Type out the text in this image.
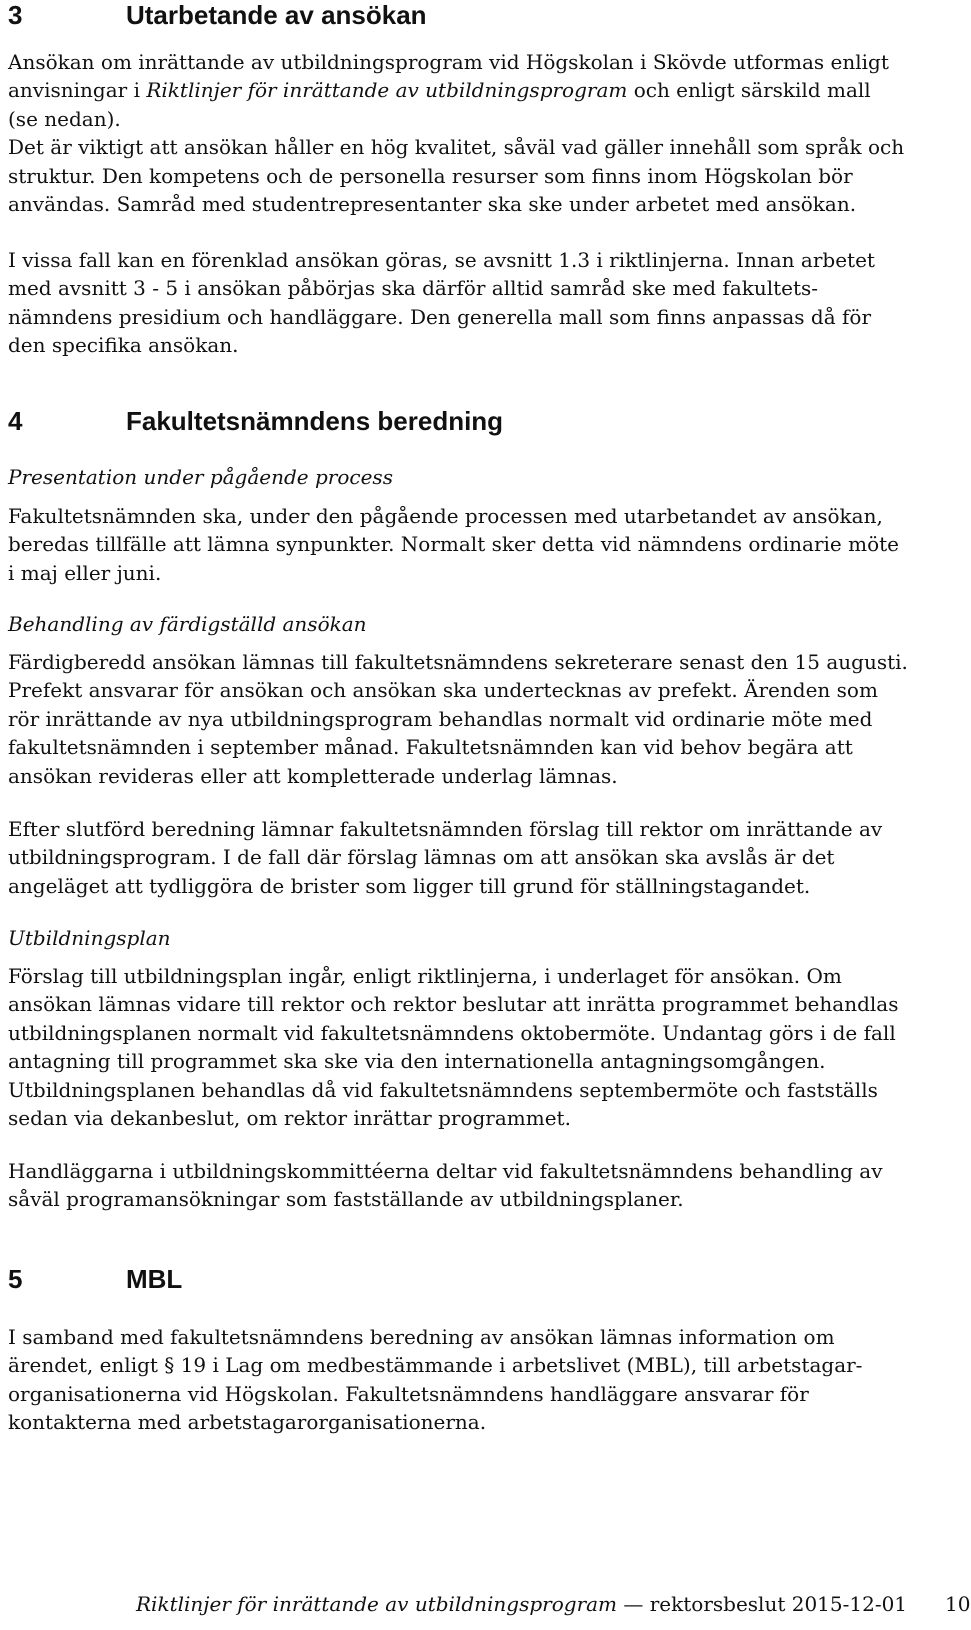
3	Utarbetande av ansökan
Ansökan om inrättande av utbildningsprogram vid Högskolan i Skövde utformas enligt anvisningar i Riktlinjer för inrättande av utbildningsprogram och enligt särskild mall
(se nedan).
Det är viktigt att ansökan håller en hög kvalitet, såväl vad gäller innehåll som språk och
struktur. Den kompetens och de personella resurser som finns inom Högskolan bör
användas. Samråd med studentrepresentanter ska ske under arbetet med ansökan.
I vissa fall kan en förenklad ansökan göras, se avsnitt 1.3 i riktlinjerna. Innan arbetet
med avsnitt 3 - 5 i ansökan påbörjas ska därför alltid samråd ske med fakultets-
nämndens presidium och handläggare. Den generella mall som finns anpassas då för
den specifika ansökan.
4	Fakultetsnämndens beredning
Presentation under pågående process
Fakultetsnämnden ska, under den pågående processen med utarbetandet av ansökan,
beredas tillfälle att lämna synpunkter. Normalt sker detta vid nämndens ordinarie möte
i maj eller juni.
Behandling av färdigställd ansökan
Färdigberedd ansökan lämnas till fakultetsnämndens sekreterare senast den 15 augusti.
Prefekt ansvarar för ansökan och ansökan ska undertecknas av prefekt. Ärenden som
rör inrättande av nya utbildningsprogram behandlas normalt vid ordinarie möte med
fakultetsnämnden i september månad. Fakultetsnämnden kan vid behov begära att
ansökan revideras eller att kompletterade underlag lämnas.
Efter slutförd beredning lämnar fakultetsnämnden förslag till rektor om inrättande av
utbildningsprogram. I de fall där förslag lämnas om att ansökan ska avslås är det
angeläget att tydliggöra de brister som ligger till grund för ställningstagandet.
Utbildningsplan
Förslag till utbildningsplan ingår, enligt riktlinjerna, i underlaget för ansökan. Om
ansökan lämnas vidare till rektor och rektor beslutar att inrätta programmet behandlas
utbildningsplanen normalt vid fakultetsnämndens oktobermöte. Undantag görs i de fall
antagning till programmet ska ske via den internationella antagningsomgången.
Utbildningsplanen behandlas då vid fakultetsnämndens septembermöte och fastställs
sedan via dekanbeslut, om rektor inrättar programmet.
Handläggarna i utbildningskommittéerna deltar vid fakultetsnämndens behandling av
såväl programansökningar som fastställande av utbildningsplaner.
5	MBL
I samband med fakultetsnämndens beredning av ansökan lämnas information om
ärendet, enligt § 19 i Lag om medbestämmande i arbetslivet (MBL), till arbetstagar-
organisationerna vid Högskolan. Fakultetsnämndens handläggare ansvarar för
kontakterna med arbetstagarorganisationerna.
Riktlinjer för inrättande av utbildningsprogram — rektorsbeslut 2015-12-01 10
